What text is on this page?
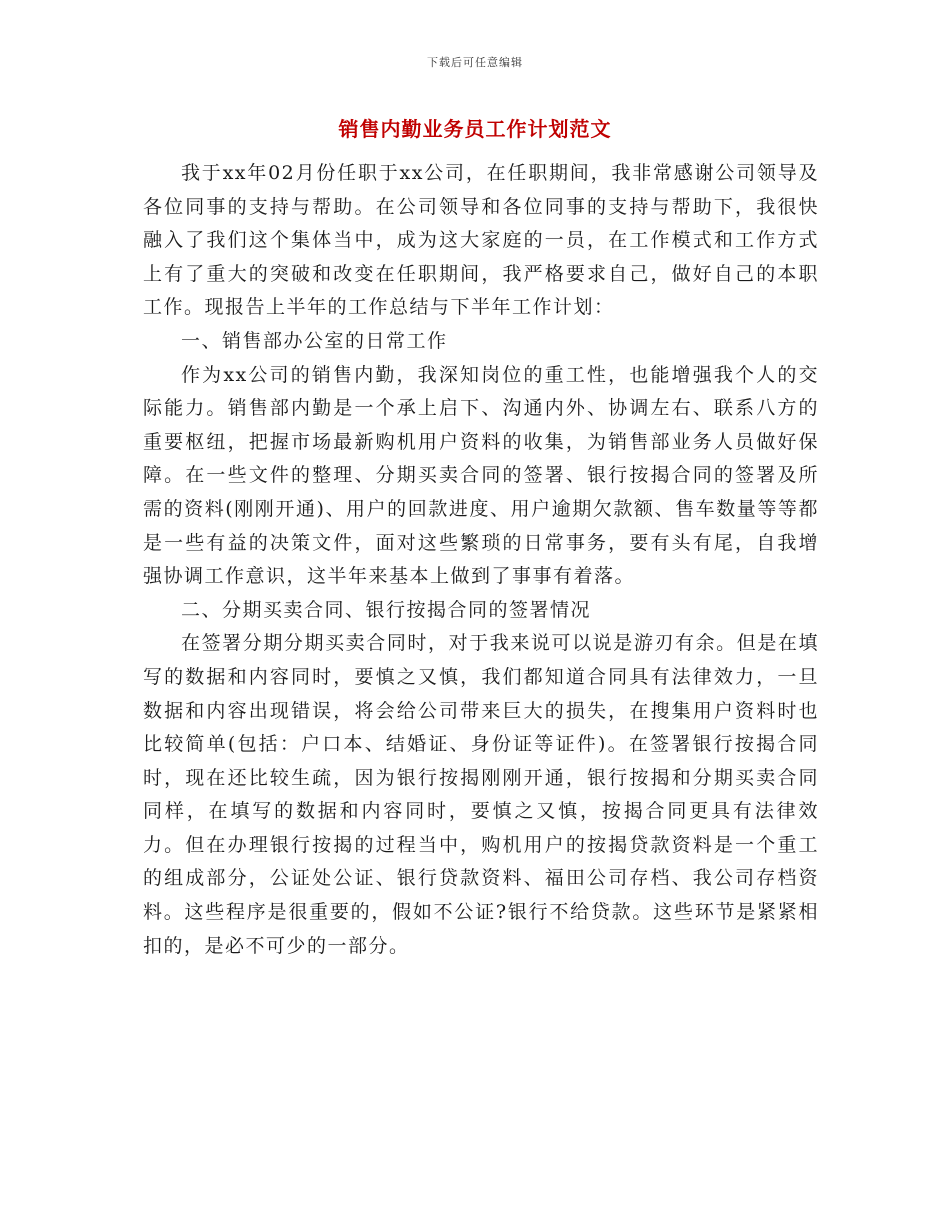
下载后可任意编辑
销售内勤业务员工作计划范文

我于xx年02月份任职于xx公司，在任职期间，我非常感谢公司领导及各位同事的支持与帮助。在公司领导和各位同事的支持与帮助下，我很快融入了我们这个集体当中，成为这大家庭的一员，在工作模式和工作方式上有了重大的突破和改变在任职期间，我严格要求自己，做好自己的本职工作。现报告上半年的工作总结与下半年工作计划：

一、销售部办公室的日常工作

作为xx公司的销售内勤，我深知岗位的重工性，也能增强我个人的交际能力。销售部内勤是一个承上启下、沟通内外、协调左右、联系八方的重要枢纽，把握市场最新购机用户资料的收集，为销售部业务人员做好保障。在一些文件的整理、分期买卖合同的签署、银行按揭合同的签署及所需的资料(刚刚开通)、用户的回款进度、用户逾期欠款额、售车数量等等都是一些有益的决策文件，面对这些繁琐的日常事务，要有头有尾，自我增强协调工作意识，这半年来基本上做到了事事有着落。

二、分期买卖合同、银行按揭合同的签署情况

在签署分期分期买卖合同时，对于我来说可以说是游刃有余。但是在填写的数据和内容同时，要慎之又慎，我们都知道合同具有法律效力，一旦数据和内容出现错误，将会给公司带来巨大的损失，在搜集用户资料时也比较简单(包括：户口本、结婚证、身份证等证件)。在签署银行按揭合同时，现在还比较生疏，因为银行按揭刚刚开通，银行按揭和分期买卖合同同样，在填写的数据和内容同时，要慎之又慎，按揭合同更具有法律效力。但在办理银行按揭的过程当中，购机用户的按揭贷款资料是一个重工的组成部分，公证处公证、银行贷款资料、福田公司存档、我公司存档资料。这些程序是很重要的，假如不公证?银行不给贷款。这些环节是紧紧相扣的，是必不可少的一部分。
